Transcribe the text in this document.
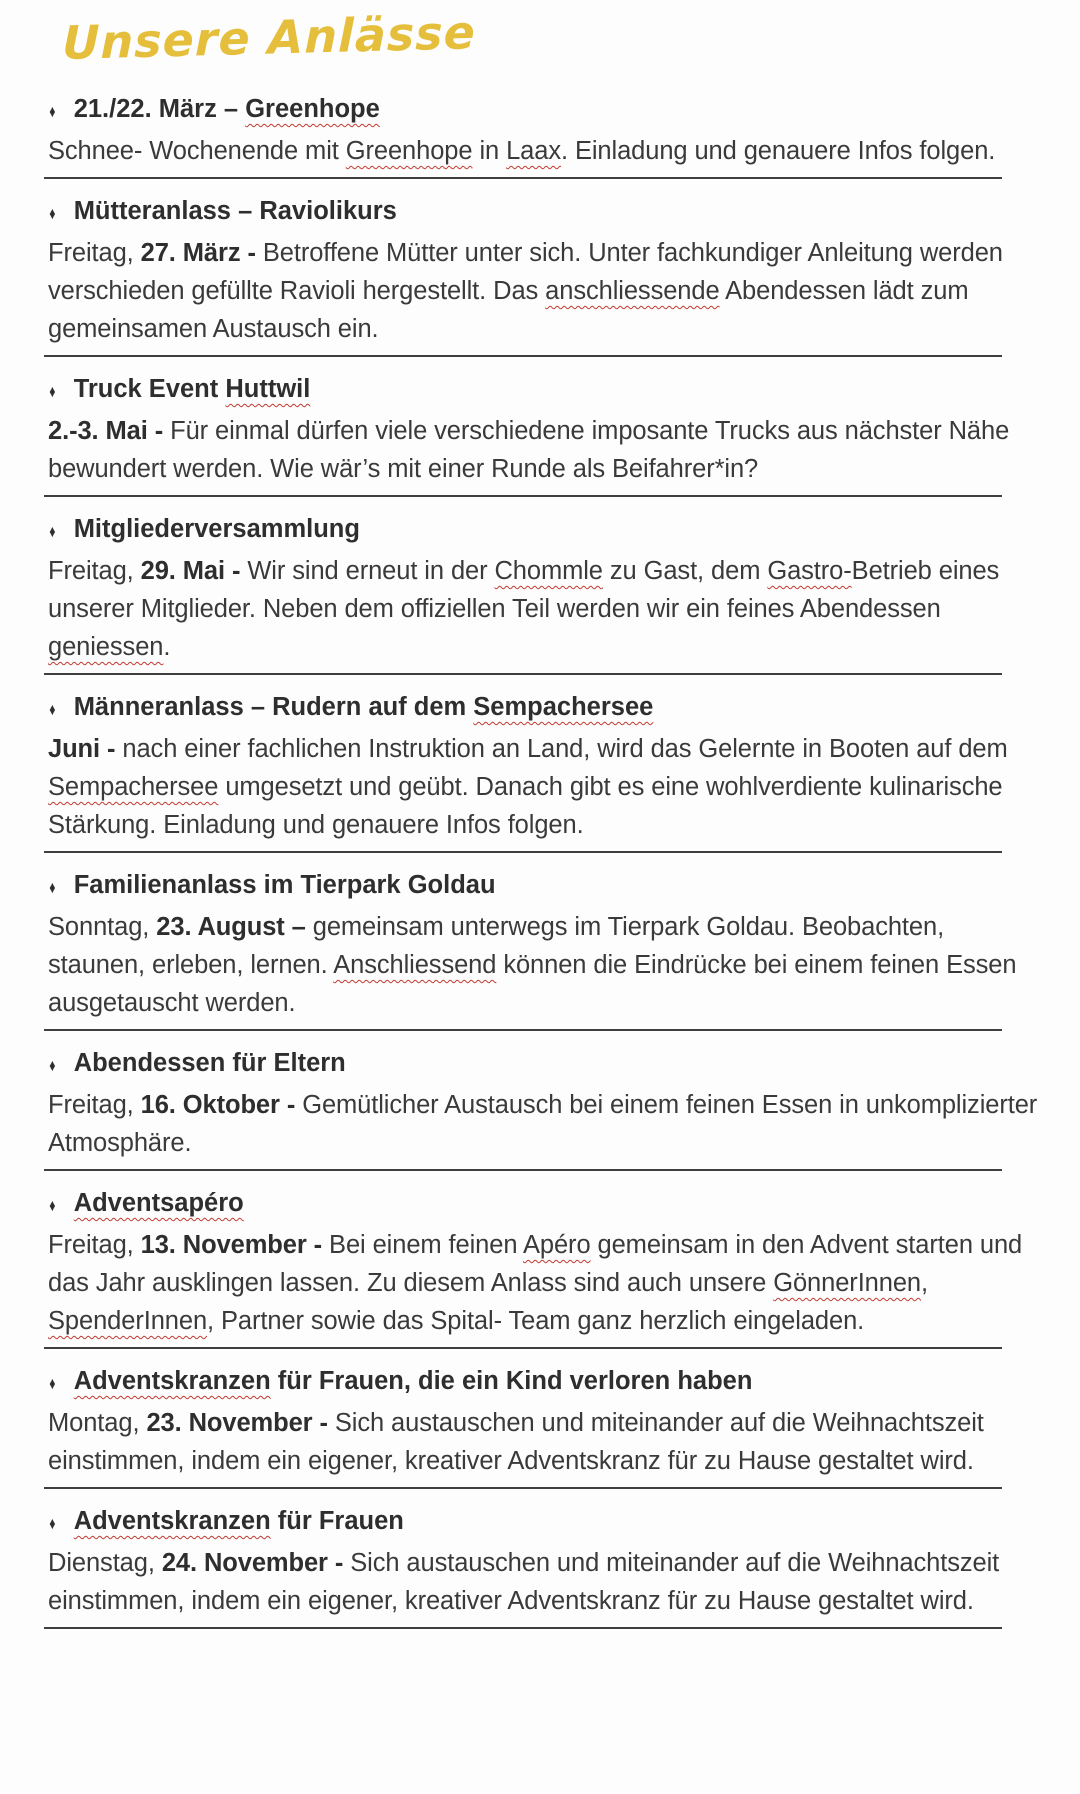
Unsere Anlässe
♦ 21./22. März – Greenhope

Schnee- Wochenende mit Greenhope in Laax. Einladung und genauere Infos folgen.

♦ Mütteranlass – Raviolikurs

Freitag, 27. März - Betroffene Mütter unter sich. Unter fachkundiger Anleitung werden verschieden gefüllte Ravioli hergestellt. Das anschliessende Abendessen lädt zum gemeinsamen Austausch ein.

♦ Truck Event Huttwil

2.-3. Mai - Für einmal dürfen viele verschiedene imposante Trucks aus nächster Nähe bewundert werden. Wie wär’s mit einer Runde als Beifahrer*in?

♦ Mitgliederversammlung

Freitag, 29. Mai - Wir sind erneut in der Chommle zu Gast, dem Gastro-Betrieb eines unserer Mitglieder. Neben dem offiziellen Teil werden wir ein feines Abendessen geniessen.

♦ Männeranlass – Rudern auf dem Sempachersee

Juni - nach einer fachlichen Instruktion an Land, wird das Gelernte in Booten auf dem Sempachersee umgesetzt und geübt. Danach gibt es eine wohlverdiente kulinarische Stärkung. Einladung und genauere Infos folgen.

♦ Familienanlass im Tierpark Goldau

Sonntag, 23. August – gemeinsam unterwegs im Tierpark Goldau. Beobachten, staunen, erleben, lernen. Anschliessend können die Eindrücke bei einem feinen Essen ausgetauscht werden.

♦ Abendessen für Eltern

Freitag, 16. Oktober - Gemütlicher Austausch bei einem feinen Essen in unkomplizierter Atmosphäre.

♦ Adventsapéro

Freitag, 13. November - Bei einem feinen Apéro gemeinsam in den Advent starten und das Jahr ausklingen lassen. Zu diesem Anlass sind auch unsere GönnerInnen, SpenderInnen, Partner sowie das Spital- Team ganz herzlich eingeladen.

♦ Adventskranzen für Frauen, die ein Kind verloren haben

Montag, 23. November - Sich austauschen und miteinander auf die Weihnachtszeit einstimmen, indem ein eigener, kreativer Adventskranz für zu Hause gestaltet wird.

♦ Adventskranzen für Frauen

Dienstag, 24. November - Sich austauschen und miteinander auf die Weihnachtszeit einstimmen, indem ein eigener, kreativer Adventskranz für zu Hause gestaltet wird.
